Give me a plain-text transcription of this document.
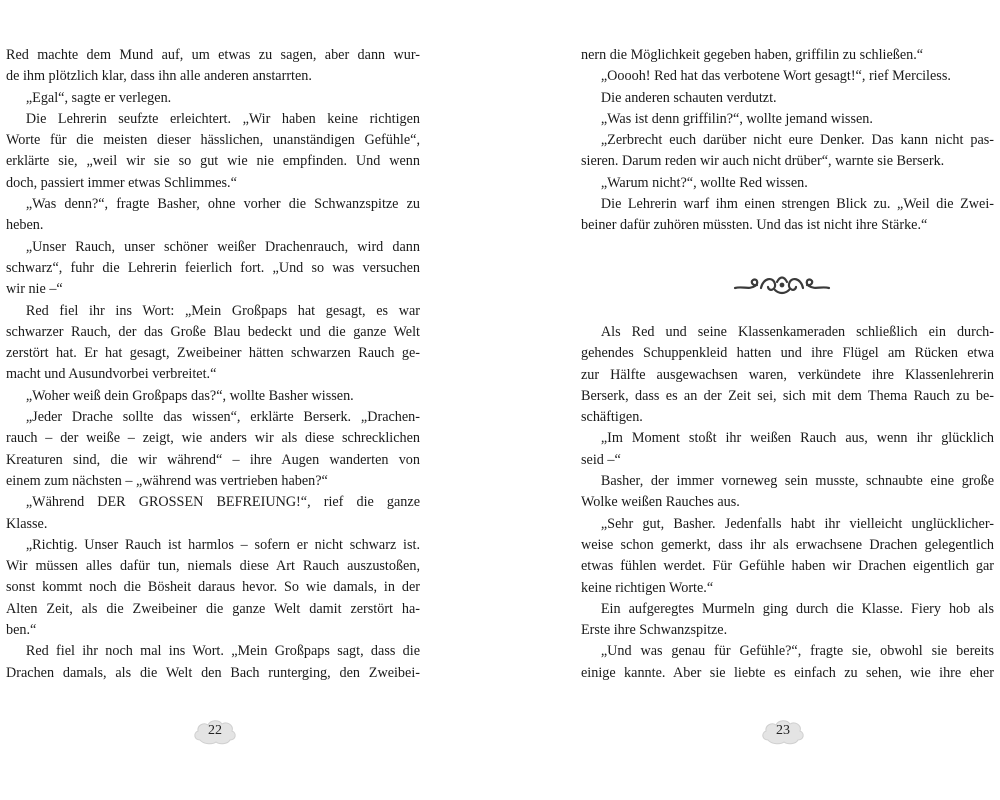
Red machte dem Mund auf, um etwas zu sagen, aber dann wur-
de ihm plötzlich klar, dass ihn alle anderen anstarrten.
„Egal“, sagte er verlegen.
Die Lehrerin seufzte erleichtert. „Wir haben keine richtigen
Worte für die meisten dieser hässlichen, unanständigen Gefühle“,
erklärte sie, „weil wir sie so gut wie nie empfinden. Und wenn
doch, passiert immer etwas Schlimmes.“
„Was denn?“, fragte Basher, ohne vorher die Schwanzspitze zu
heben.
„Unser Rauch, unser schöner weißer Drachenrauch, wird dann
schwarz“, fuhr die Lehrerin feierlich fort. „Und so was versuchen
wir nie –“
Red fiel ihr ins Wort: „Mein Großpaps hat gesagt, es war
schwarzer Rauch, der das Große Blau bedeckt und die ganze Welt
zerstört hat. Er hat gesagt, Zweibeiner hätten schwarzen Rauch ge-
macht und Ausundvorbei verbreitet.“
„Woher weiß dein Großpaps das?“, wollte Basher wissen.
„Jeder Drache sollte das wissen“, erklärte Berserk. „Drachen-
rauch – der weiße – zeigt, wie anders wir als diese schrecklichen
Kreaturen sind, die wir während“ – ihre Augen wanderten von
einem zum nächsten – „während was vertrieben haben?“
„Während DER GROSSEN BEFREIUNG!“, rief die ganze
Klasse.
„Richtig. Unser Rauch ist harmlos – sofern er nicht schwarz ist.
Wir müssen alles dafür tun, niemals diese Art Rauch auszustoßen,
sonst kommt noch die Bösheit daraus hevor. So wie damals, in der
Alten Zeit, als die Zweibeiner die ganze Welt damit zerstört ha-
ben.“
Red fiel ihr noch mal ins Wort. „Mein Großpaps sagt, dass die
Drachen damals, als die Welt den Bach runterging, den Zweibei-
22
nern die Möglichkeit gegeben haben, griffilin zu schließen.“
„Ooooh! Red hat das verbotene Wort gesagt!“, rief Merciless.
Die anderen schauten verdutzt.
„Was ist denn griffilin?“, wollte jemand wissen.
„Zerbrecht euch darüber nicht eure Denker. Das kann nicht pas-
sieren. Darum reden wir auch nicht drüber“, warnte sie Berserk.
„Warum nicht?“, wollte Red wissen.
Die Lehrerin warf ihm einen strengen Blick zu. „Weil die Zwei-
beiner dafür zuhören müssten. Und das ist nicht ihre Stärke.“
Als Red und seine Klassenkameraden schließlich ein durch-
gehendes Schuppenkleid hatten und ihre Flügel am Rücken etwa
zur Hälfte ausgewachsen waren, verkündete ihre Klassenlehrerin
Berserk, dass es an der Zeit sei, sich mit dem Thema Rauch zu be-
schäftigen.
„Im Moment stoßt ihr weißen Rauch aus, wenn ihr glücklich
seid –“
Basher, der immer vorneweg sein musste, schnaubte eine große
Wolke weißen Rauches aus.
„Sehr gut, Basher. Jedenfalls habt ihr vielleicht unglücklicher-
weise schon gemerkt, dass ihr als erwachsene Drachen gelegentlich
etwas fühlen werdet. Für Gefühle haben wir Drachen eigentlich gar
keine richtigen Worte.“
Ein aufgeregtes Murmeln ging durch die Klasse. Fiery hob als
Erste ihre Schwanzspitze.
„Und was genau für Gefühle?“, fragte sie, obwohl sie bereits
einige kannte. Aber sie liebte es einfach zu sehen, wie ihre eher
23
